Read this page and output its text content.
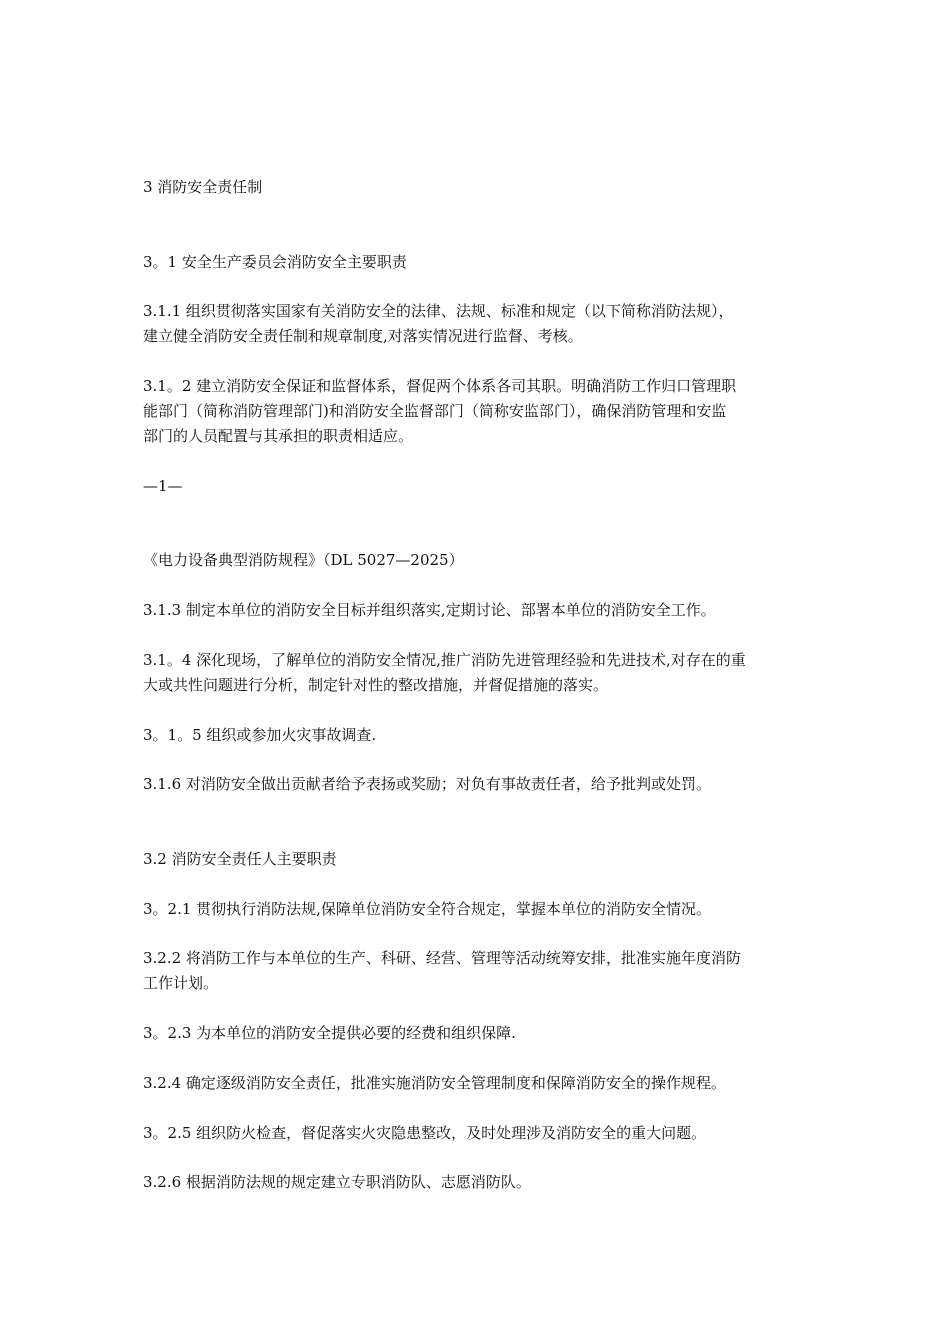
3 消防安全责任制

3。1 安全生产委员会消防安全主要职责

3.1.1 组织贯彻落实国家有关消防安全的法律、法规、标准和规定（以下简称消防法规），

建立健全消防安全责任制和规章制度,对落实情况进行监督、考核。

3.1。2 建立消防安全保证和监督体系，督促两个体系各司其职。明确消防工作归口管理职

能部门（简称消防管理部门)和消防安全监督部门（简称安监部门），确保消防管理和安监

部门的人员配置与其承担的职责相适应。

—1—

《电力设备典型消防规程》（DL 5027—2025）

3.1.3 制定本单位的消防安全目标并组织落实,定期讨论、部署本单位的消防安全工作。

3.1。4 深化现场，了解单位的消防安全情况,推广消防先进管理经验和先进技术,对存在的重

大或共性问题进行分析，制定针对性的整改措施，并督促措施的落实。

3。1。5 组织或参加火灾事故调查.

3.1.6 对消防安全做出贡献者给予表扬或奖励；对负有事故责任者，给予批判或处罚。

3.2 消防安全责任人主要职责

3。2.1 贯彻执行消防法规,保障单位消防安全符合规定，掌握本单位的消防安全情况。

3.2.2 将消防工作与本单位的生产、科研、经营、管理等活动统筹安排，批准实施年度消防

工作计划。

3。2.3 为本单位的消防安全提供必要的经费和组织保障.

3.2.4 确定逐级消防安全责任，批准实施消防安全管理制度和保障消防安全的操作规程。

3。2.5 组织防火检查，督促落实火灾隐患整改，及时处理涉及消防安全的重大问题。

3.2.6 根据消防法规的规定建立专职消防队、志愿消防队。
